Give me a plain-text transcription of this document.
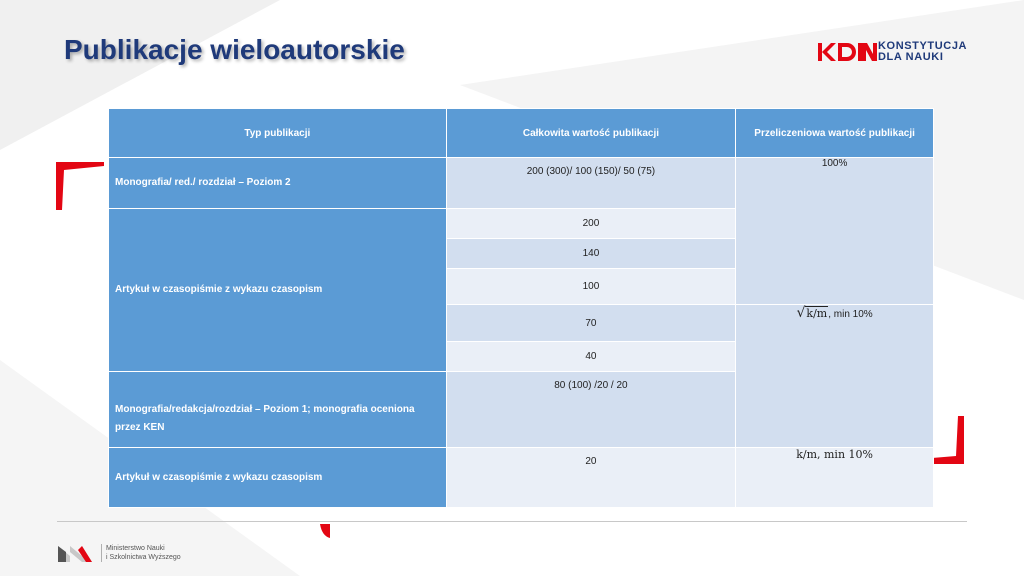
Publikacje wieloautorskie	KONSTYTUCJA
DLA NAUKI
Typ publikacji	Całkowita wartość publikacji	Przeliczeniowa wartość publikacji
Monografia/ red./ rozdział – Poziom 2	200 (300)/ 100 (150)/ 50 (75)	100%
Artykuł w czasopiśmie z wykazu czasopism	200	
	140	
	100	
	70	√k/m, min 10%
	40	
Monografia/redakcja/rozdział – Poziom 1; monografia oceniona przez KEN	80 (100) /20 / 20	
Artykuł w czasopiśmie z wykazu czasopism	20	k/m, min 10%
Ministerstwo Nauki
i Szkolnictwa Wyższego
